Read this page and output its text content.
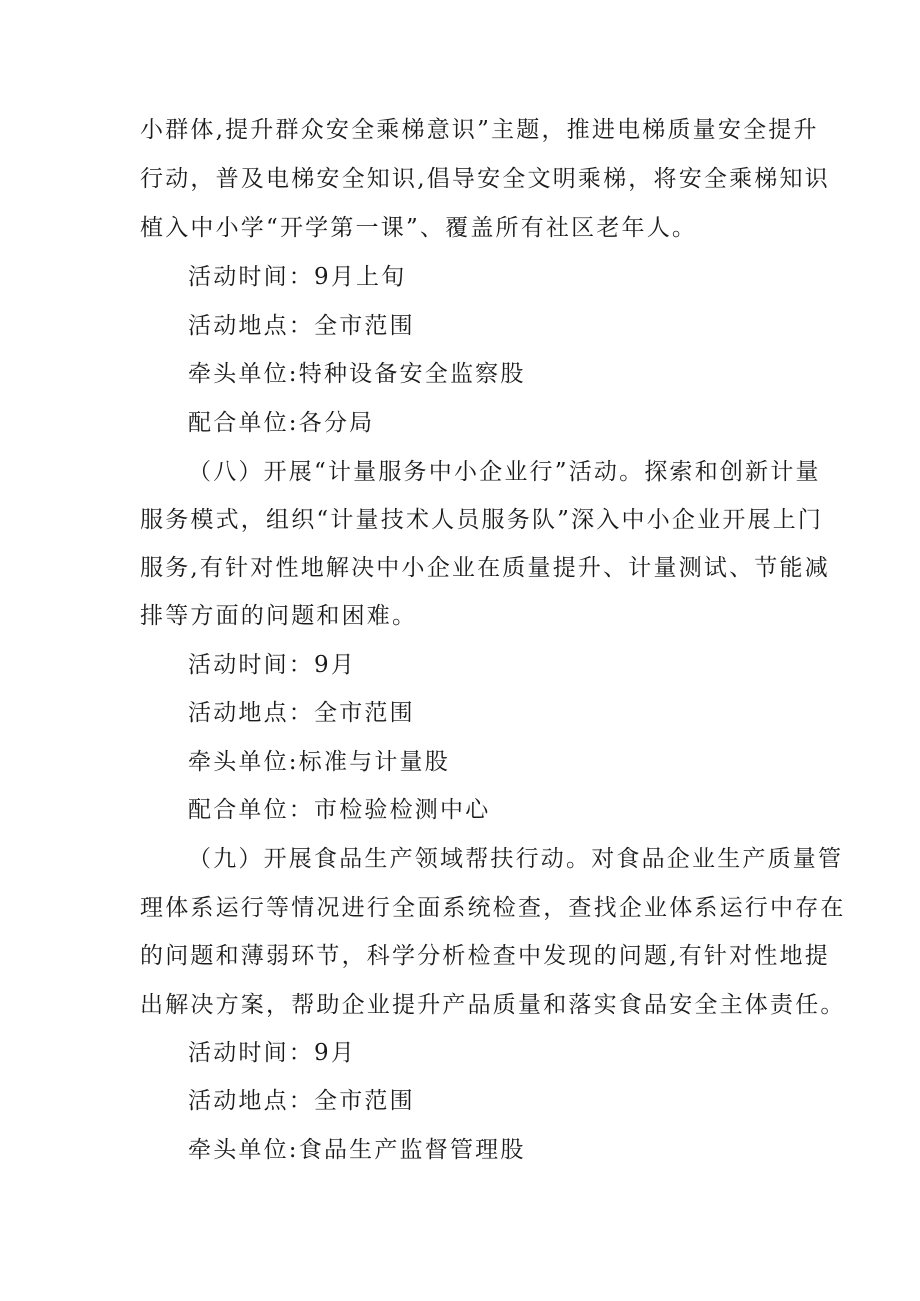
小群体,提升群众安全乘梯意识”主题，推进电梯质量安全提升
行动，普及电梯安全知识,倡导安全文明乘梯，将安全乘梯知识
植入中小学“开学第一课”、覆盖所有社区老年人。
活动时间：9月上旬
活动地点：全市范围
牵头单位:特种设备安全监察股
配合单位:各分局
（八）开展“计量服务中小企业行”活动。探索和创新计量
服务模式，组织“计量技术人员服务队”深入中小企业开展上门
服务,有针对性地解决中小企业在质量提升、计量测试、节能减
排等方面的问题和困难。
活动时间：9月
活动地点：全市范围
牵头单位:标准与计量股
配合单位：市检验检测中心
（九）开展食品生产领域帮扶行动。对食品企业生产质量管
理体系运行等情况进行全面系统检查，查找企业体系运行中存在
的问题和薄弱环节，科学分析检查中发现的问题,有针对性地提
出解决方案，帮助企业提升产品质量和落实食品安全主体责任。
活动时间：9月
活动地点：全市范围
牵头单位:食品生产监督管理股
